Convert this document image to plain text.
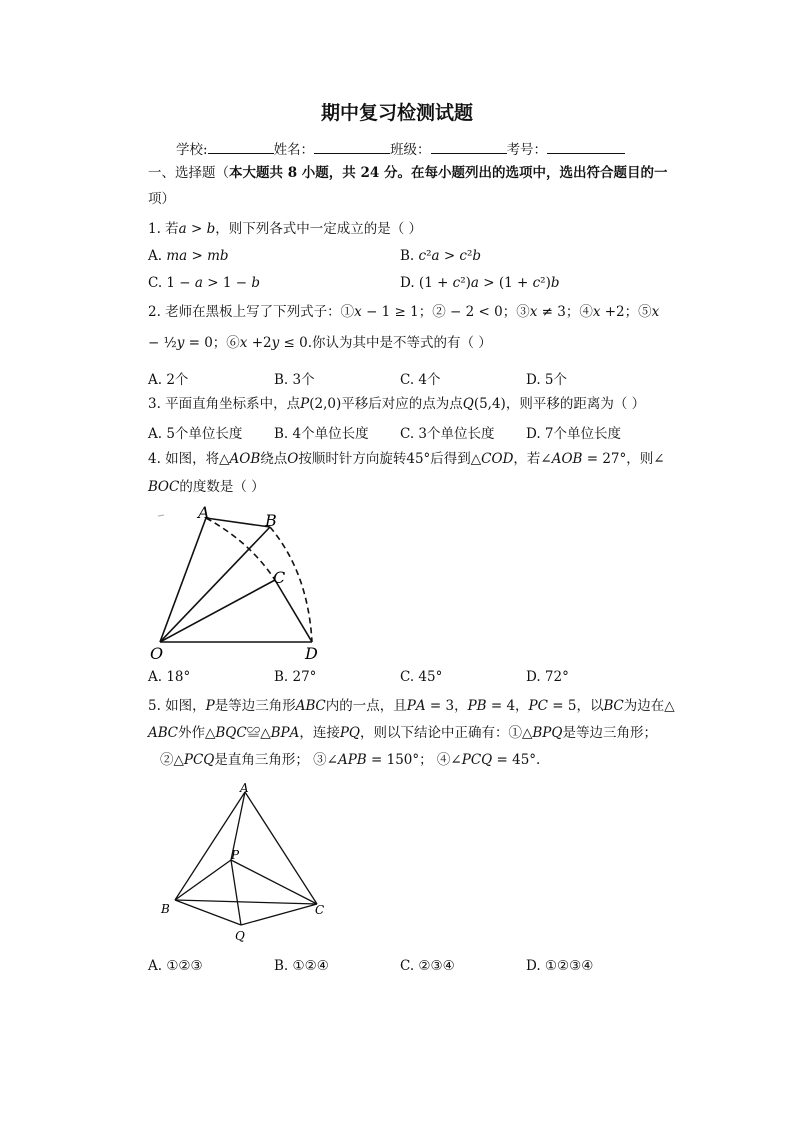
期中复习检测试题
学校:	姓名：	班级：	考号：
一、选择题（本大题共 8 小题，共 24 分。在每小题列出的选项中，选出符合题目的一
项）
1. 若𝑎 > 𝑏，则下列各式中一定成立的是（ ）
A. 𝑚𝑎 > 𝑚𝑏	B. 𝑐²𝑎 > 𝑐²𝑏
C. 1 − 𝑎 > 1 − 𝑏	D. (1 + 𝑐²)𝑎 > (1 + 𝑐²)𝑏
2. 老师在黑板上写了下列式子：①𝑥 − 1 ≥ 1；② − 2 < 0；③𝑥 ≠ 3；④𝑥 +2；⑤𝑥
− ½𝑦 = 0；⑥𝑥 +2𝑦 ≤ 0.你认为其中是不等式的有（ ）
A. 2个	B. 3个	C. 4个	D. 5个
3. 平面直角坐标系中，点𝑃(2,0)平移后对应的点为点𝑄(5,4)，则平移的距离为（ ）
A. 5个单位长度 B. 4个单位长度 C. 3个单位长度 D. 7个单位长度
4. 如图，将△𝐴𝑂𝐵绕点𝑂按顺时针方向旋转45°后得到△𝐶𝑂𝐷，若∠𝐴𝑂𝐵 = 27°，则∠
𝐵𝑂𝐶的度数是（ ）
A	B
C
O	D
A. 18°	B. 27°	C. 45°	D. 72°
5. 如图，𝑃是等边三角形𝐴𝐵𝐶内的一点，且𝑃𝐴 = 3，𝑃𝐵 = 4，𝑃𝐶 = 5，以𝐵𝐶为边在△
𝐴𝐵𝐶外作△𝐵𝑄𝐶≌△𝐵𝑃𝐴，连接𝑃𝑄，则以下结论中正确有：①△𝐵𝑃𝑄是等边三角形；
②△𝑃𝐶𝑄是直角三角形； ③∠𝐴𝑃𝐵 = 150°； ④∠𝑃𝐶𝑄 = 45°.
A
P
B	C
Q
A. ①②③	B. ①②④	C. ②③④	D. ①②③④
